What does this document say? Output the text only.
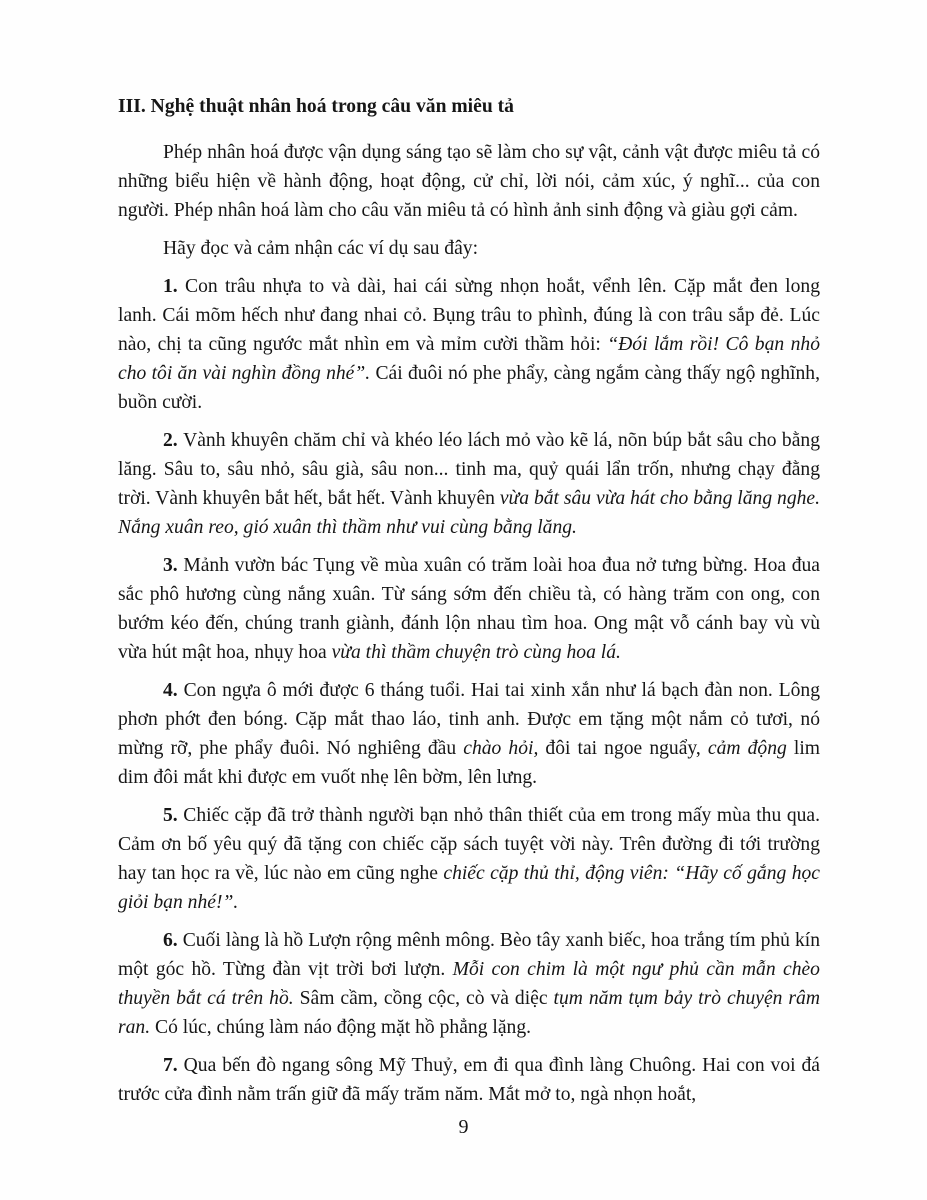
III. Nghệ thuật nhân hoá trong câu văn miêu tả

Phép nhân hoá được vận dụng sáng tạo sẽ làm cho sự vật, cảnh vật được miêu tả có những biểu hiện về hành động, hoạt động, cử chỉ, lời nói, cảm xúc, ý nghĩ... của con người. Phép nhân hoá làm cho câu văn miêu tả có hình ảnh sinh động và giàu gợi cảm.

Hãy đọc và cảm nhận các ví dụ sau đây:

1. Con trâu nhựa to và dài, hai cái sừng nhọn hoắt, vểnh lên. Cặp mắt đen long lanh. Cái mõm hếch như đang nhai cỏ. Bụng trâu to phình, đúng là con trâu sắp đẻ. Lúc nào, chị ta cũng ngước mắt nhìn em và mỉm cười thầm hỏi: “Đói lắm rồi! Cô bạn nhỏ cho tôi ăn vài nghìn đồng nhé”. Cái đuôi nó phe phẩy, càng ngắm càng thấy ngộ nghĩnh, buồn cười.

2. Vành khuyên chăm chỉ và khéo léo lách mỏ vào kẽ lá, nõn búp bắt sâu cho bằng lăng. Sâu to, sâu nhỏ, sâu già, sâu non... tinh ma, quỷ quái lẩn trốn, nhưng chạy đằng trời. Vành khuyên bắt hết, bắt hết. Vành khuyên vừa bắt sâu vừa hát cho bằng lăng nghe. Nắng xuân reo, gió xuân thì thầm như vui cùng bằng lăng.

3. Mảnh vườn bác Tụng về mùa xuân có trăm loài hoa đua nở tưng bừng. Hoa đua sắc phô hương cùng nắng xuân. Từ sáng sớm đến chiều tà, có hàng trăm con ong, con bướm kéo đến, chúng tranh giành, đánh lộn nhau tìm hoa. Ong mật vỗ cánh bay vù vù vừa hút mật hoa, nhụy hoa vừa thì thầm chuyện trò cùng hoa lá.

4. Con ngựa ô mới được 6 tháng tuổi. Hai tai xinh xắn như lá bạch đàn non. Lông phơn phớt đen bóng. Cặp mắt thao láo, tinh anh. Được em tặng một nắm cỏ tươi, nó mừng rỡ, phe phẩy đuôi. Nó nghiêng đầu chào hỏi, đôi tai ngoe nguẩy, cảm động lim dim đôi mắt khi được em vuốt nhẹ lên bờm, lên lưng.

5. Chiếc cặp đã trở thành người bạn nhỏ thân thiết của em trong mấy mùa thu qua. Cảm ơn bố yêu quý đã tặng con chiếc cặp sách tuyệt vời này. Trên đường đi tới trường hay tan học ra về, lúc nào em cũng nghe chiếc cặp thủ thỉ, động viên: “Hãy cố gắng học giỏi bạn nhé!”.

6. Cuối làng là hồ Lượn rộng mênh mông. Bèo tây xanh biếc, hoa trắng tím phủ kín một góc hồ. Từng đàn vịt trời bơi lượn. Mỗi con chim là một ngư phủ cần mẫn chèo thuyền bắt cá trên hồ. Sâm cầm, cồng cộc, cò và diệc tụm năm tụm bảy trò chuyện râm ran. Có lúc, chúng làm náo động mặt hồ phẳng lặng.

7. Qua bến đò ngang sông Mỹ Thuỷ, em đi qua đình làng Chuông. Hai con voi đá trước cửa đình nằm trấn giữ đã mấy trăm năm. Mắt mở to, ngà nhọn hoắt,

9
